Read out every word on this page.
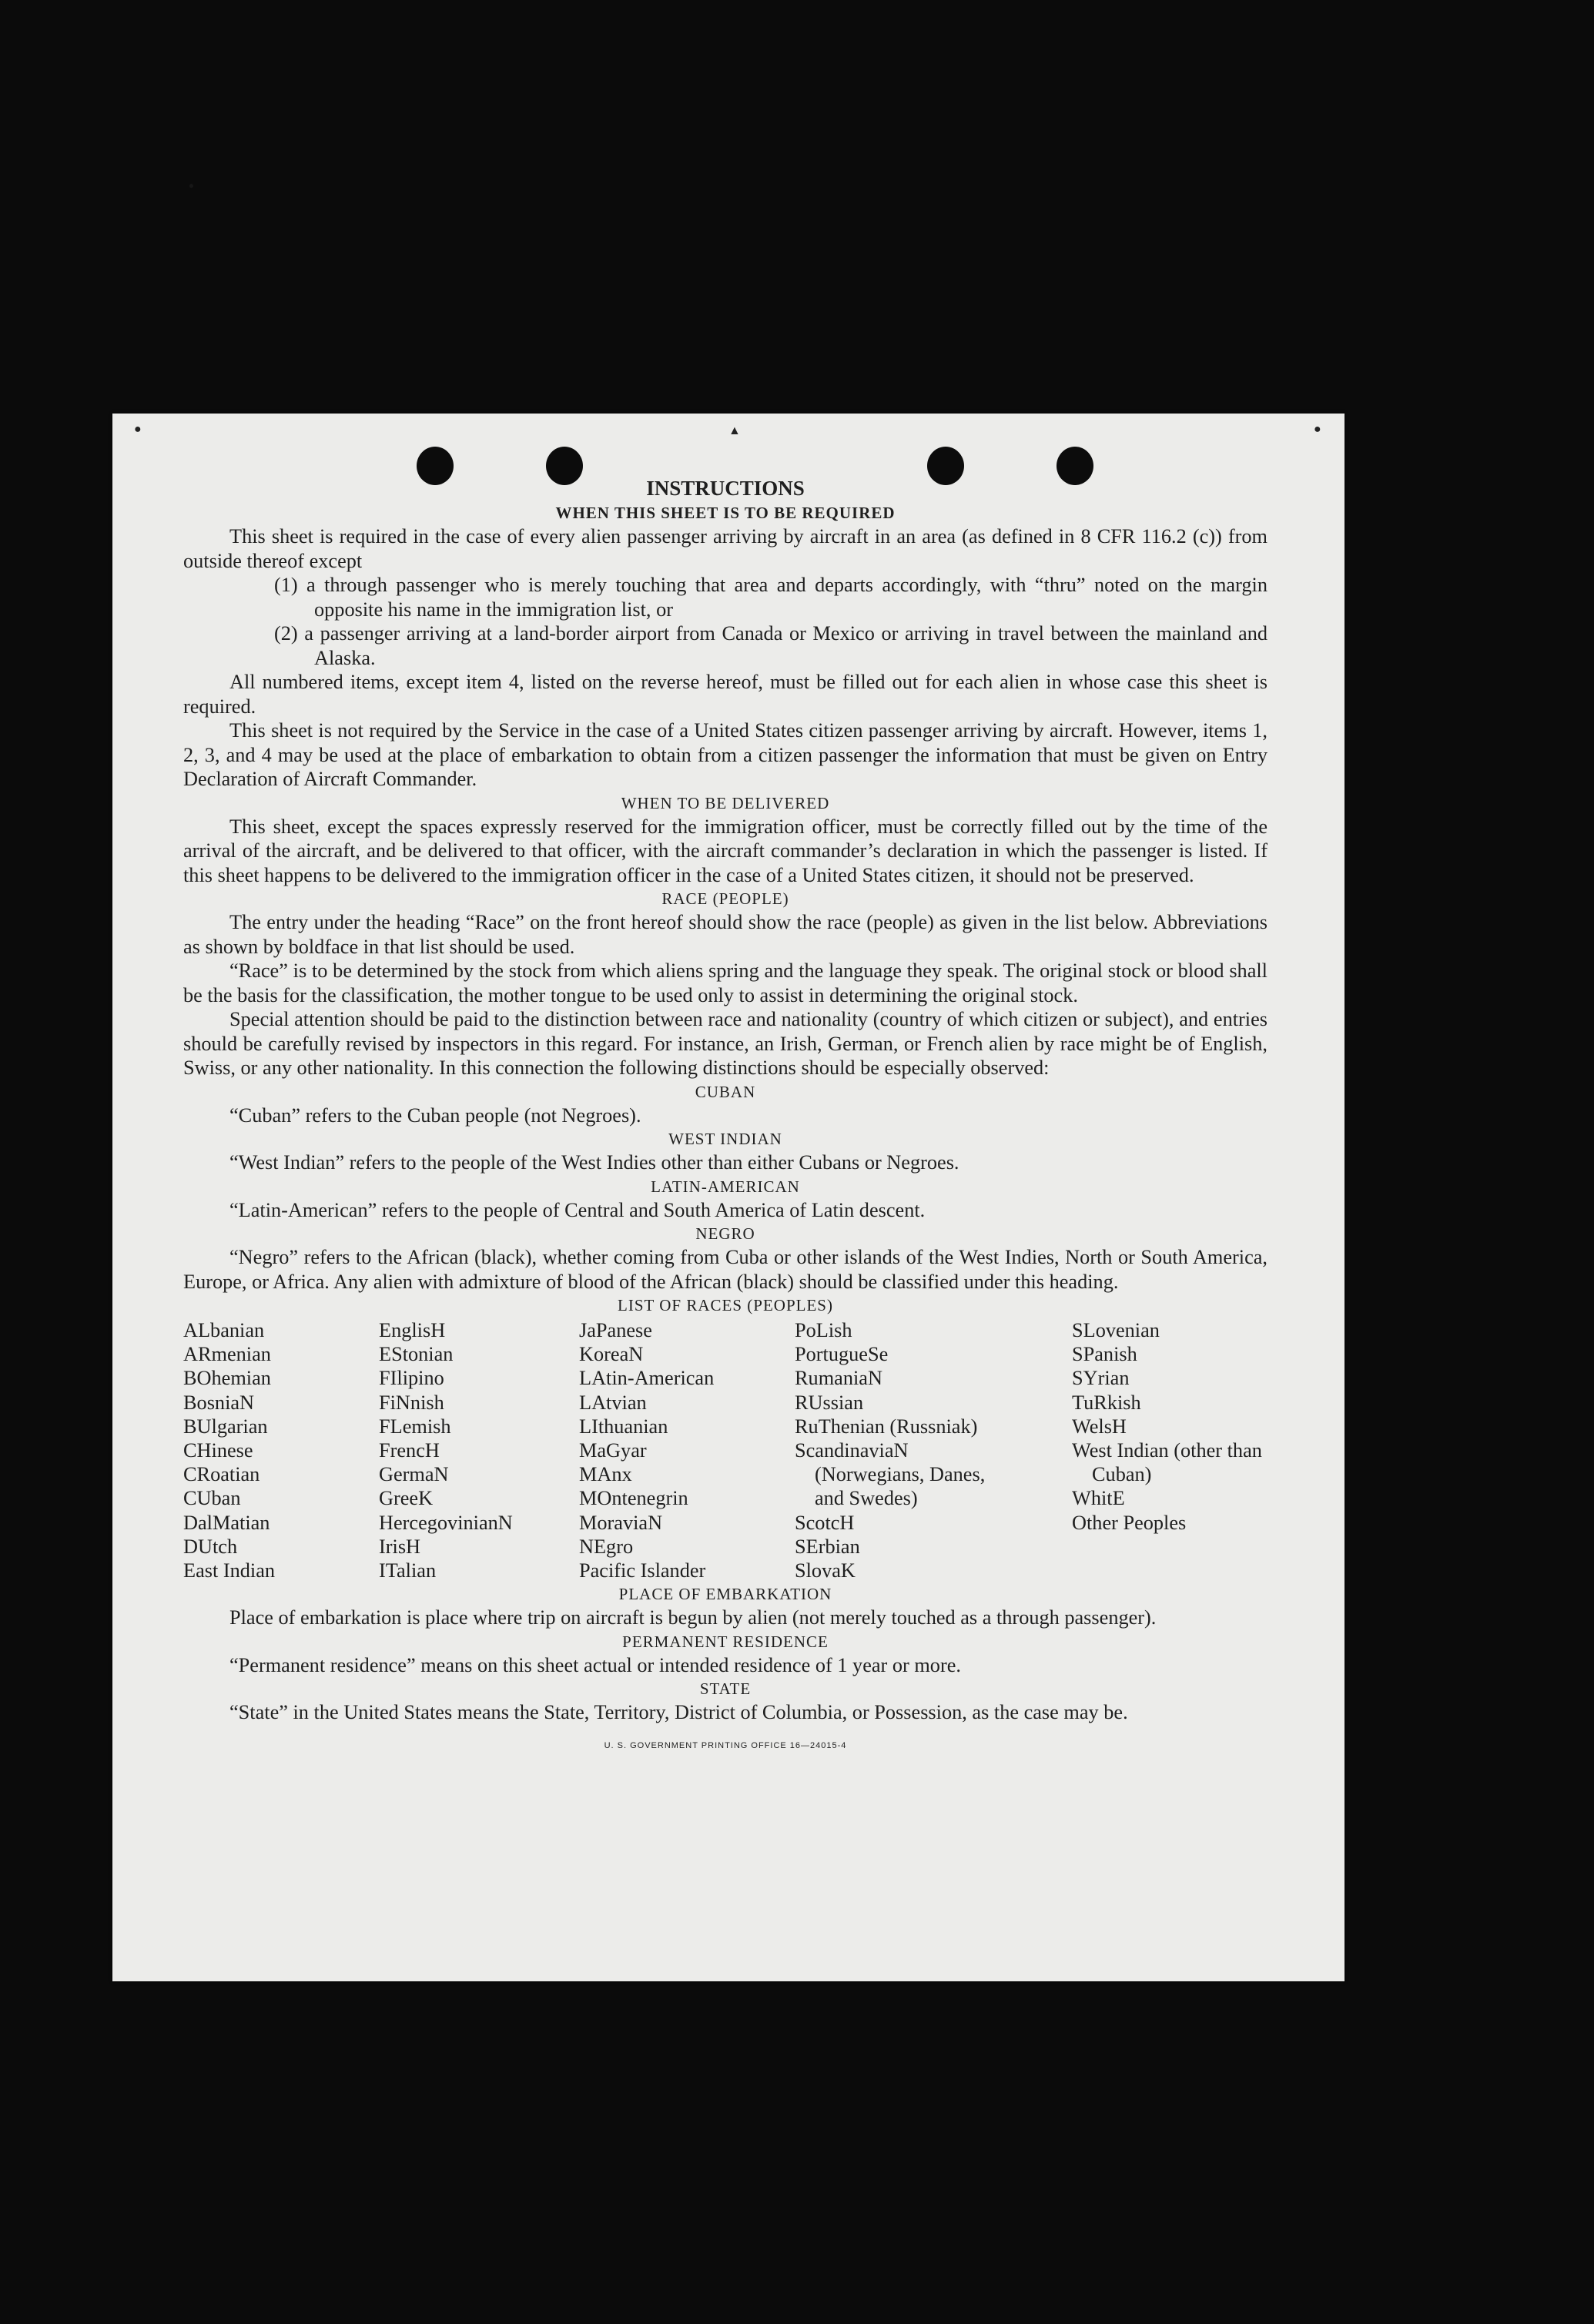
●	●
▲
INSTRUCTIONS
WHEN THIS SHEET IS TO BE REQUIRED

This sheet is required in the case of every alien passenger arriving by aircraft in an area (as defined in 8 CFR 116.2 (c)) from outside thereof except

(1) a through passenger who is merely touching that area and departs accordingly, with “thru” noted on the margin opposite his name in the immigration list, or

(2) a passenger arriving at a land-border airport from Canada or Mexico or arriving in travel between the mainland and Alaska.

All numbered items, except item 4, listed on the reverse hereof, must be filled out for each alien in whose case this sheet is required.

This sheet is not required by the Service in the case of a United States citizen passenger arriving by aircraft. However, items 1, 2, 3, and 4 may be used at the place of embarkation to obtain from a citizen passenger the information that must be given on Entry Declaration of Aircraft Commander.

WHEN TO BE DELIVERED

This sheet, except the spaces expressly reserved for the immigration officer, must be correctly filled out by the time of the arrival of the aircraft, and be delivered to that officer, with the aircraft commander’s declaration in which the passenger is listed. If this sheet happens to be delivered to the immigration officer in the case of a United States citizen, it should not be preserved.

RACE (PEOPLE)

The entry under the heading “Race” on the front hereof should show the race (people) as given in the list below. Abbreviations as shown by boldface in that list should be used.

“Race” is to be determined by the stock from which aliens spring and the language they speak. The original stock or blood shall be the basis for the classification, the mother tongue to be used only to assist in determining the original stock.

Special attention should be paid to the distinction between race and nationality (country of which citizen or subject), and entries should be carefully revised by inspectors in this regard. For instance, an Irish, German, or French alien by race might be of English, Swiss, or any other nationality. In this connection the following distinctions should be especially observed:

CUBAN

“Cuban” refers to the Cuban people (not Negroes).

WEST INDIAN

“West Indian” refers to the people of the West Indies other than either Cubans or Negroes.

LATIN-AMERICAN

“Latin-American” refers to the people of Central and South America of Latin descent.

NEGRO

“Negro” refers to the African (black), whether coming from Cuba or other islands of the West Indies, North or South America, Europe, or Africa. Any alien with admixture of blood of the African (black) should be classified under this heading.

LIST OF RACES (PEOPLES)
ALbanian
ARmenian
BOhemian
BosniaN
BUlgarian
CHinese
CRoatian
CUban
DalMatian
DUtch
East Indian
EnglisH
EStonian
FIlipino
FiNnish
FLemish
FrencH
GermaN
GreeK
HercegovinianN
IrisH
ITalian
JaPanese
KoreaN
LAtin-American
LAtvian
LIthuanian
MaGyar
MAnx
MOntenegrin
MoraviaN
NEgro
Pacific Islander
PoLish
PortugueSe
RumaniaN
RUssian
RuThenian (Russniak)
ScandinaviaN (Norwegians, Danes, and Swedes)
ScotcH
SErbian
SlovaK
SLovenian
SPanish
SYrian
TuRkish
WelsH
West Indian (other than Cuban)
WhitE
Other Peoples
PLACE OF EMBARKATION

Place of embarkation is place where trip on aircraft is begun by alien (not merely touched as a through passenger).

PERMANENT RESIDENCE

“Permanent residence” means on this sheet actual or intended residence of 1 year or more.

STATE

“State” in the United States means the State, Territory, District of Columbia, or Possession, as the case may be.

U. S. GOVERNMENT PRINTING OFFICE 16—24015-4
